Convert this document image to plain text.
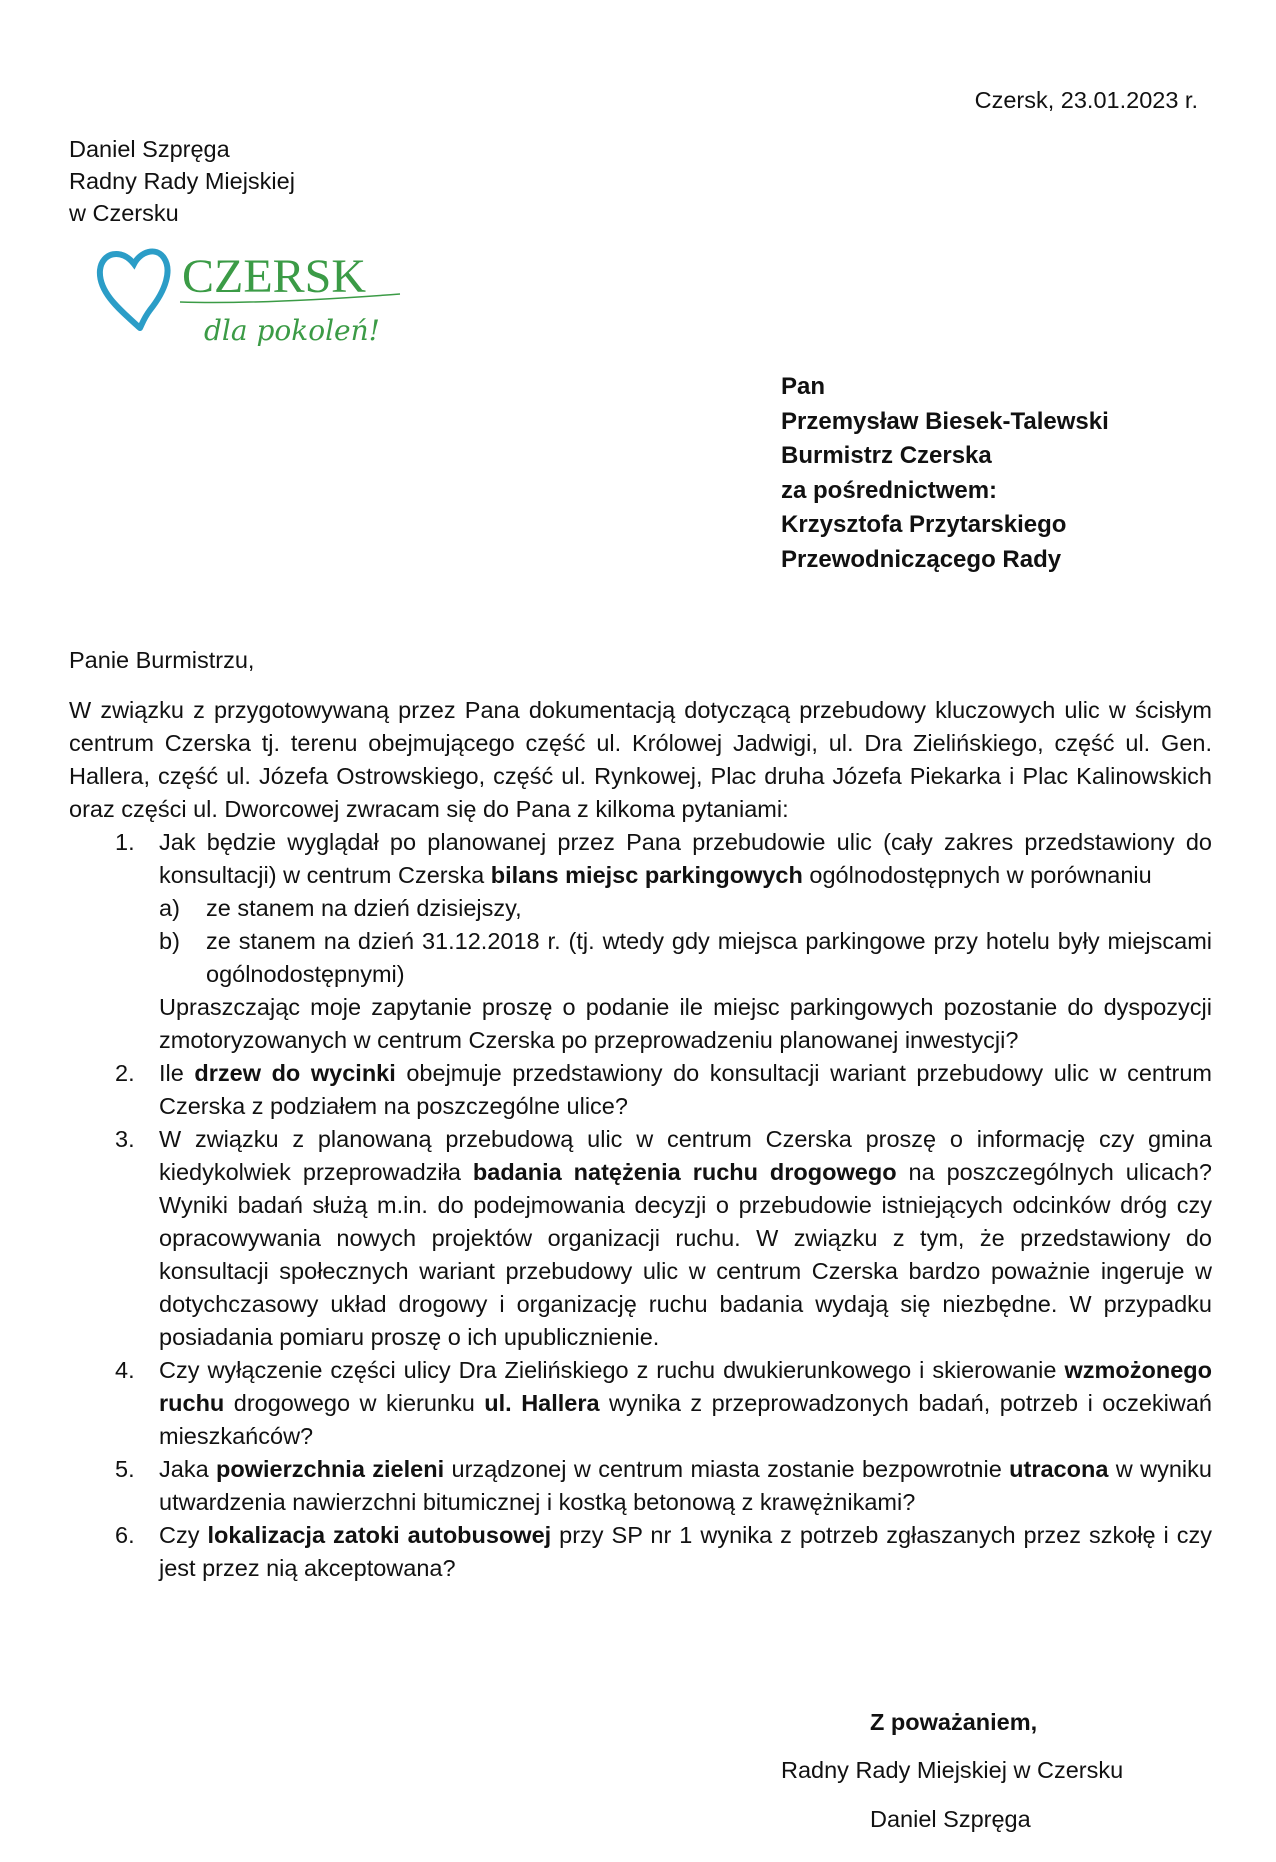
Czersk, 23.01.2023 r.
Daniel Szpręga
Radny Rady Miejskiej
w Czersku
CZERSK
dla pokoleń!
Pan
Przemysław Biesek-Talewski
Burmistrz Czerska
za pośrednictwem:
Krzysztofa Przytarskiego
Przewodniczącego Rady
Panie Burmistrzu,

W związku z przygotowywaną przez Pana dokumentacją dotyczącą przebudowy kluczowych ulic w ścisłym centrum Czerska tj. terenu obejmującego część ul. Królowej Jadwigi, ul. Dra Zielińskiego, część ul. Gen. Hallera, część ul. Józefa Ostrowskiego, część ul. Rynkowej, Plac druha Józefa Piekarka i Plac Kalinowskich oraz części ul. Dworcowej zwracam się do Pana z kilkoma pytaniami:

1. Jak będzie wyglądał po planowanej przez Pana przebudowie ulic (cały zakres przedstawiony do konsultacji) w centrum Czerska bilans miejsc parkingowych ogólnodostępnych w porównaniu
a) ze stanem na dzień dzisiejszy,
b) ze stanem na dzień 31.12.2018 r. (tj. wtedy gdy miejsca parkingowe przy hotelu były miejscami ogólnodostępnymi)
Upraszczając moje zapytanie proszę o podanie ile miejsc parkingowych pozostanie do dyspozycji zmotoryzowanych w centrum Czerska po przeprowadzeniu planowanej inwestycji?
2. Ile drzew do wycinki obejmuje przedstawiony do konsultacji wariant przebudowy ulic w centrum Czerska z podziałem na poszczególne ulice?
3. W związku z planowaną przebudową ulic w centrum Czerska proszę o informację czy gmina kiedykolwiek przeprowadziła badania natężenia ruchu drogowego na poszczególnych ulicach? Wyniki badań służą m.in. do podejmowania decyzji o przebudowie istniejących odcinków dróg czy opracowywania nowych projektów organizacji ruchu. W związku z tym, że przedstawiony do konsultacji społecznych wariant przebudowy ulic w centrum Czerska bardzo poważnie ingeruje w dotychczasowy układ drogowy i organizację ruchu badania wydają się niezbędne. W przypadku posiadania pomiaru proszę o ich upublicznienie.
4. Czy wyłączenie części ulicy Dra Zielińskiego z ruchu dwukierunkowego i skierowanie wzmożonego ruchu drogowego w kierunku ul. Hallera wynika z przeprowadzonych badań, potrzeb i oczekiwań mieszkańców?
5. Jaka powierzchnia zieleni urządzonej w centrum miasta zostanie bezpowrotnie utracona w wyniku utwardzenia nawierzchni bitumicznej i kostką betonową z krawężnikami?
6. Czy lokalizacja zatoki autobusowej przy SP nr 1 wynika z potrzeb zgłaszanych przez szkołę i czy jest przez nią akceptowana?
Z poważaniem,
Radny Rady Miejskiej w Czersku
Daniel Szpręga
